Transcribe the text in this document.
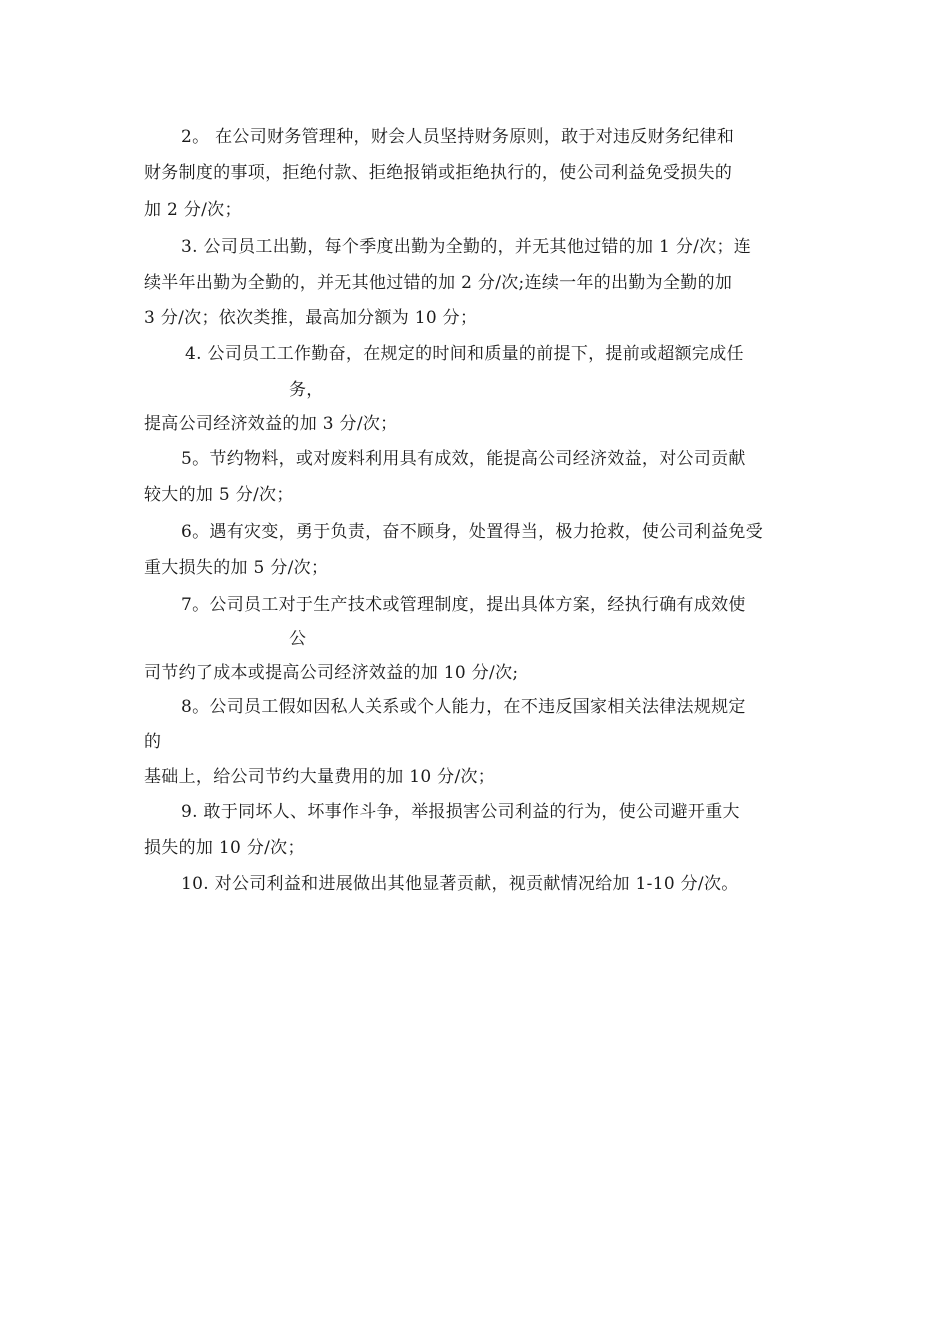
2。 在公司财务管理种，财会人员坚持财务原则，敢于对违反财务纪律和
财务制度的事项，拒绝付款、拒绝报销或拒绝执行的，使公司利益免受损失的
加 2 分/次；
3. 公司员工出勤，每个季度出勤为全勤的，并无其他过错的加 1 分/次；连
续半年出勤为全勤的，并无其他过错的加 2 分/次;连续一年的出勤为全勤的加
3 分/次；依次类推，最高加分额为 10 分；
4. 公司员工工作勤奋，在规定的时间和质量的前提下，提前或超额完成任
务，
提高公司经济效益的加 3 分/次；
5。节约物料，或对废料利用具有成效，能提高公司经济效益，对公司贡献
较大的加 5 分/次；
6。遇有灾变，勇于负责，奋不顾身，处置得当，极力抢救，使公司利益免受
重大损失的加 5 分/次；
7。公司员工对于生产技术或管理制度，提出具体方案，经执行确有成效使
公
司节约了成本或提高公司经济效益的加 10 分/次;
8。公司员工假如因私人关系或个人能力，在不违反国家相关法律法规规定
的
基础上，给公司节约大量费用的加 10 分/次；
9. 敢于同坏人、坏事作斗争，举报损害公司利益的行为，使公司避开重大
损失的加 10 分/次；
10. 对公司利益和进展做出其他显著贡献，视贡献情况给加 1-10 分/次。
